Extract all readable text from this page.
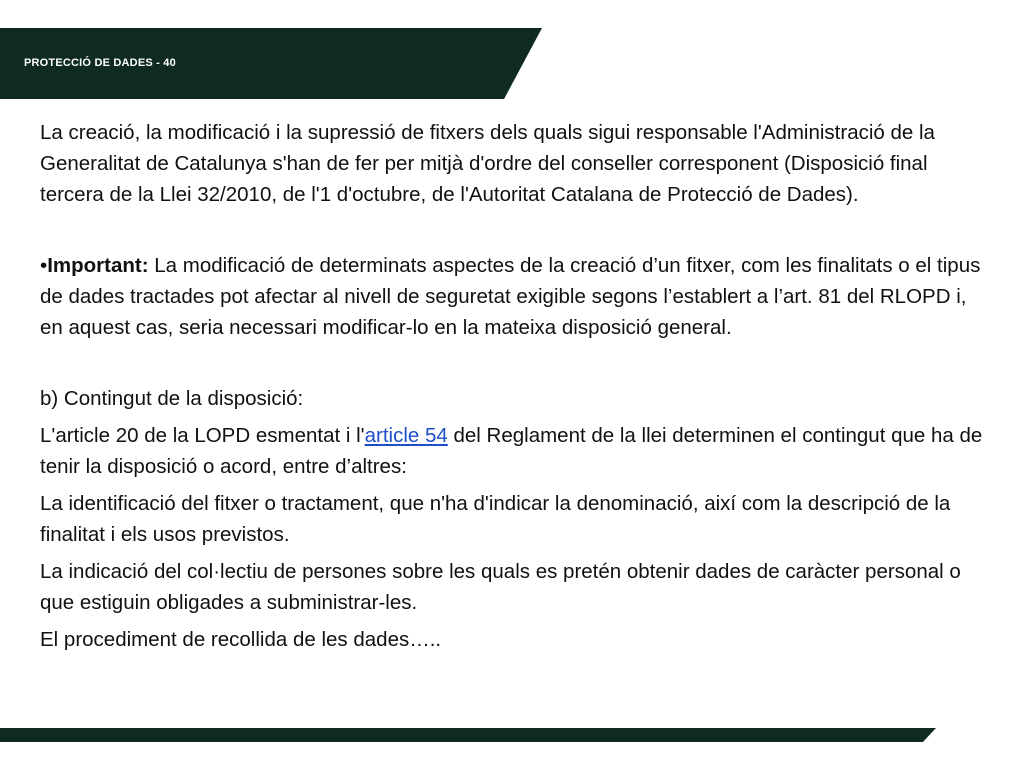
PROTECCIÓ DE DADES - 40

La creació, la modificació i la supressió de fitxers dels quals sigui responsable l'Administració de la Generalitat de Catalunya s'han de fer per mitjà d'ordre del conseller corresponent (Disposició final tercera de la Llei 32/2010, de l'1 d'octubre, de l'Autoritat Catalana de Protecció de Dades).

•Important: La modificació de determinats aspectes de la creació d’un fitxer, com les finalitats o el tipus de dades tractades pot afectar al nivell de seguretat exigible segons l’establert a l’art. 81 del RLOPD i, en aquest cas, seria necessari modificar-lo en la mateixa disposició general.

b) Contingut de la disposició:

L'article 20 de la LOPD esmentat i l'article 54 del Reglament de la llei determinen el contingut que ha de tenir la disposició o acord, entre d’altres:

La identificació del fitxer o tractament, que n'ha d'indicar la denominació, així com la descripció de la finalitat i els usos previstos.

La indicació del col·lectiu de persones sobre les quals es pretén obtenir dades de caràcter personal o que estiguin obligades a subministrar-les.

El procediment de recollida de les dades…..
